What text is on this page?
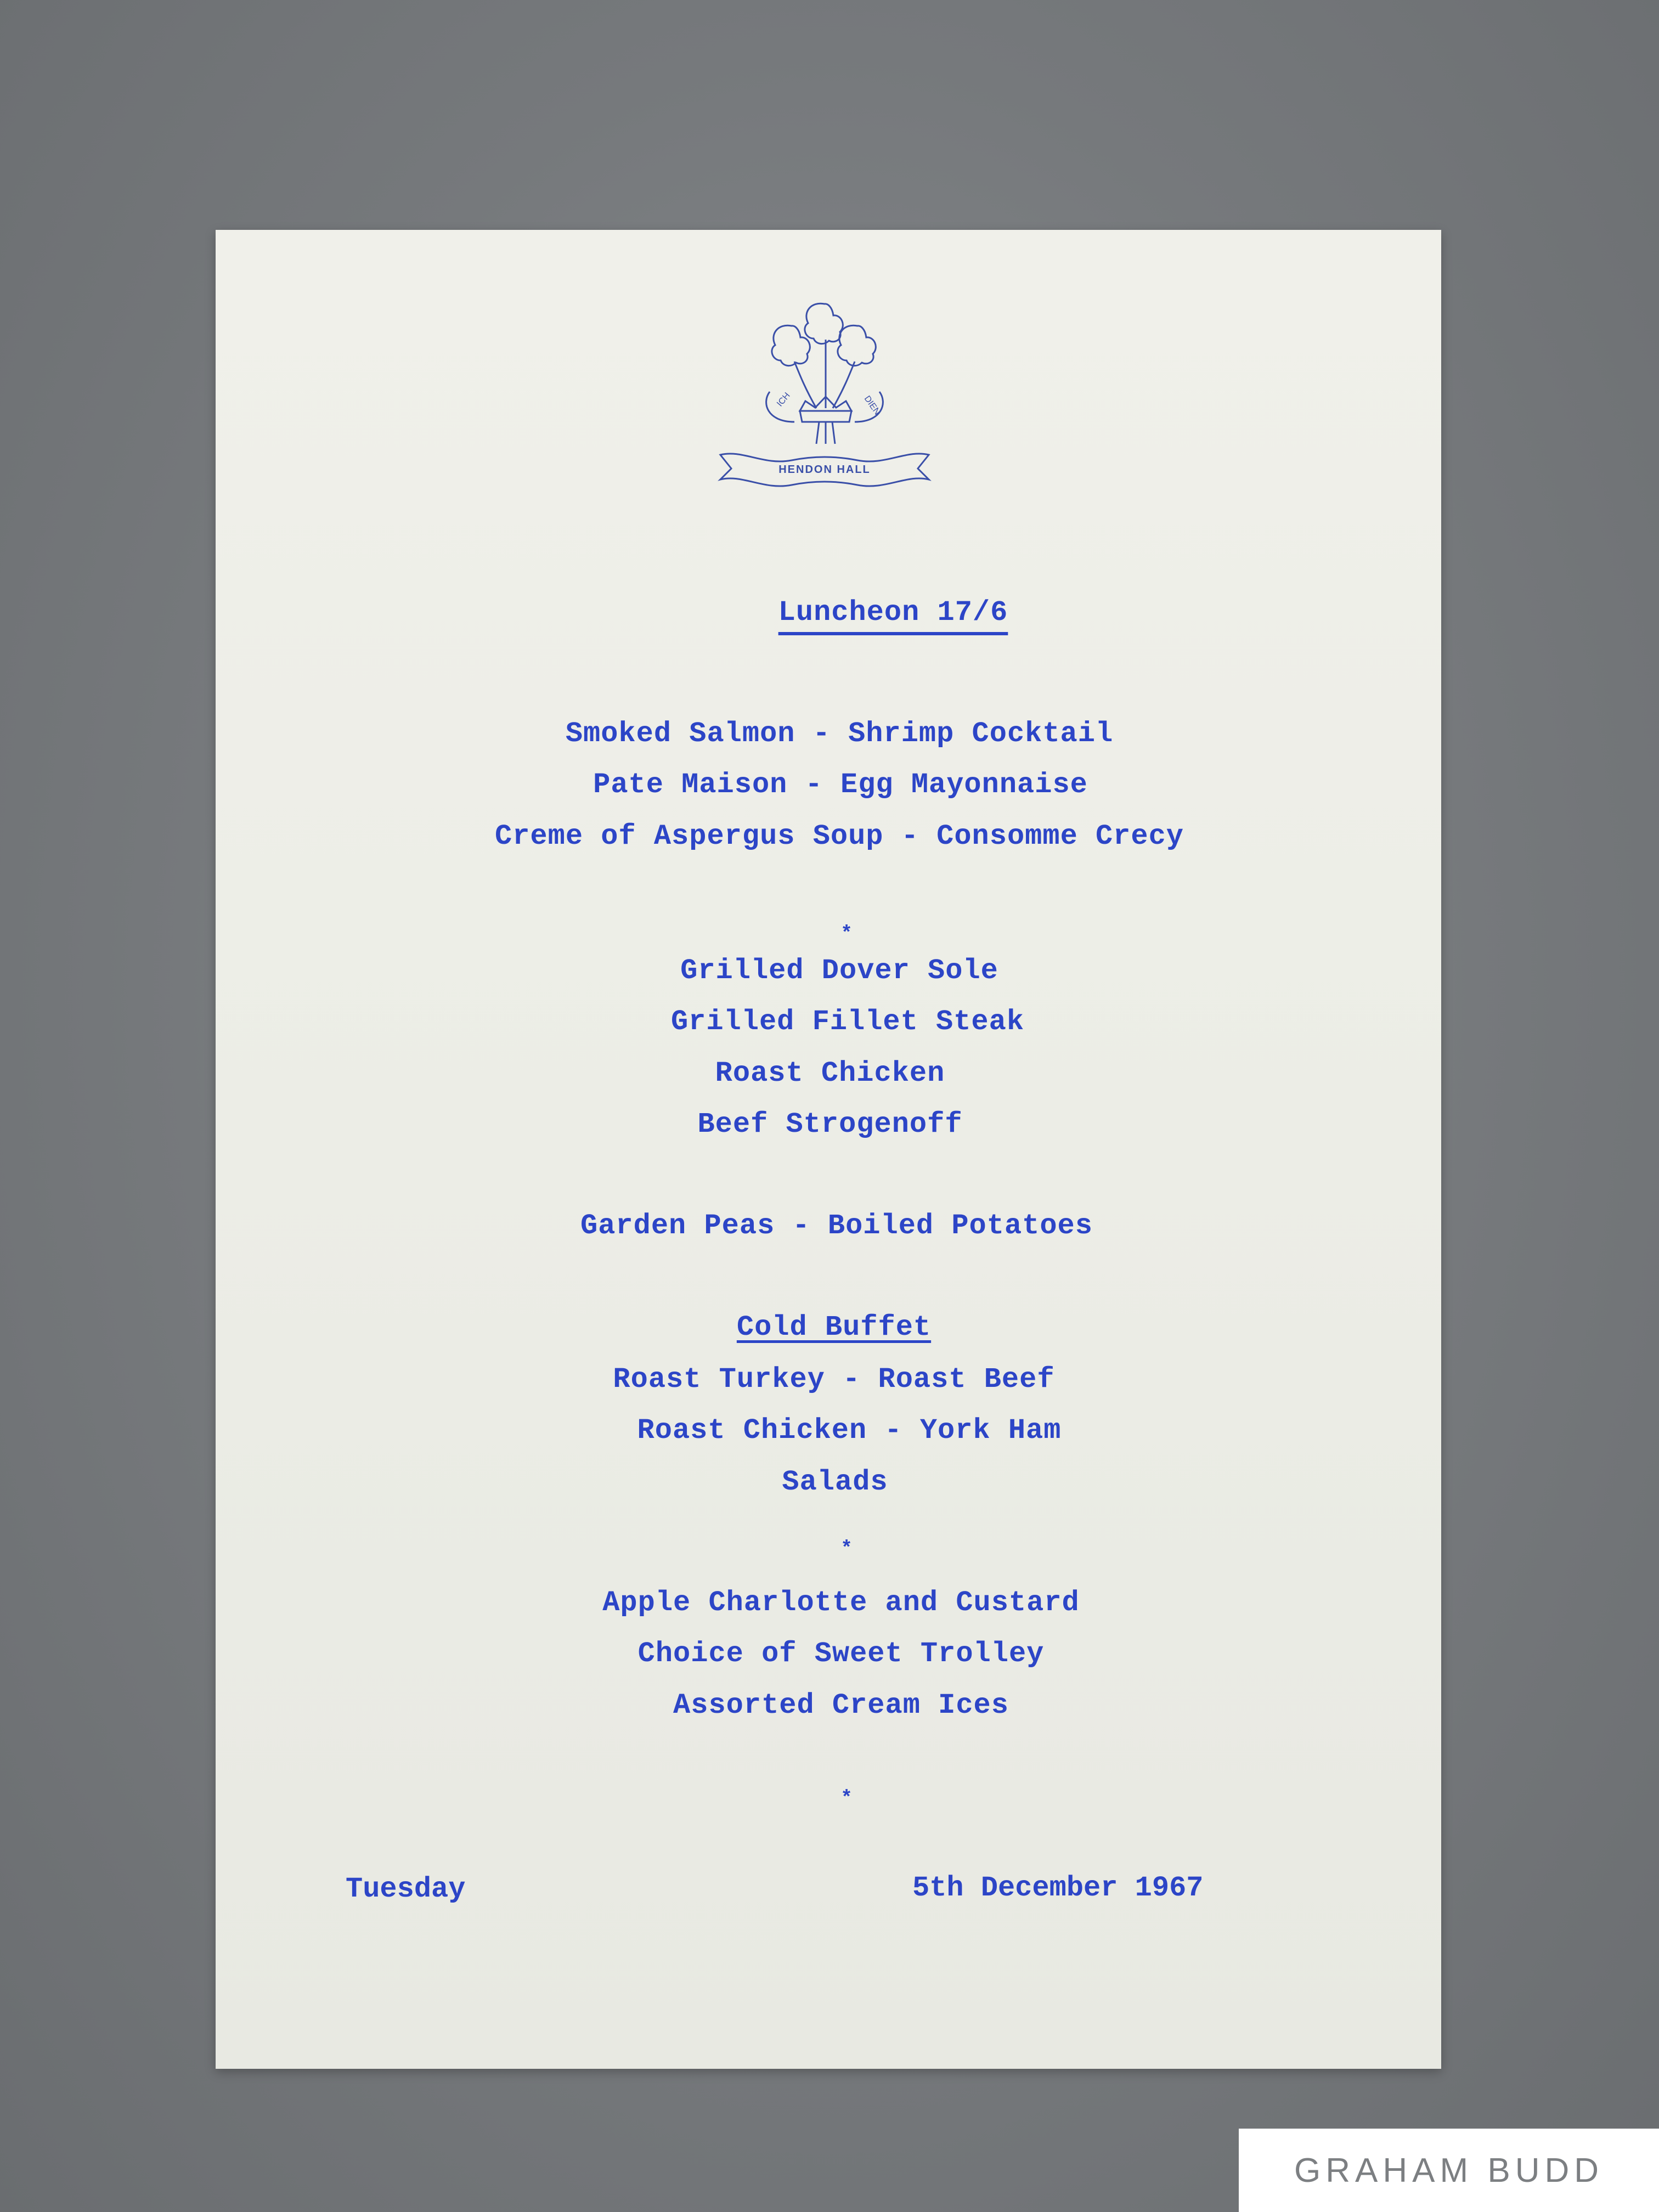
ICH	DIEN
HENDON HALL
Luncheon 17/6
Smoked Salmon - Shrimp Cocktail
Pate Maison - Egg Mayonnaise
Creme of Aspergus Soup - Consomme Crecy
*
Grilled Dover Sole
Grilled Fillet Steak
Roast Chicken
Beef Strogenoff
Garden Peas - Boiled Potatoes
Cold Buffet
Roast Turkey - Roast Beef
Roast Chicken - York Ham
Salads
*
Apple Charlotte and Custard
Choice of Sweet Trolley
Assorted Cream Ices
*
Tuesday	5th December 1967
GRAHAM BUDD
